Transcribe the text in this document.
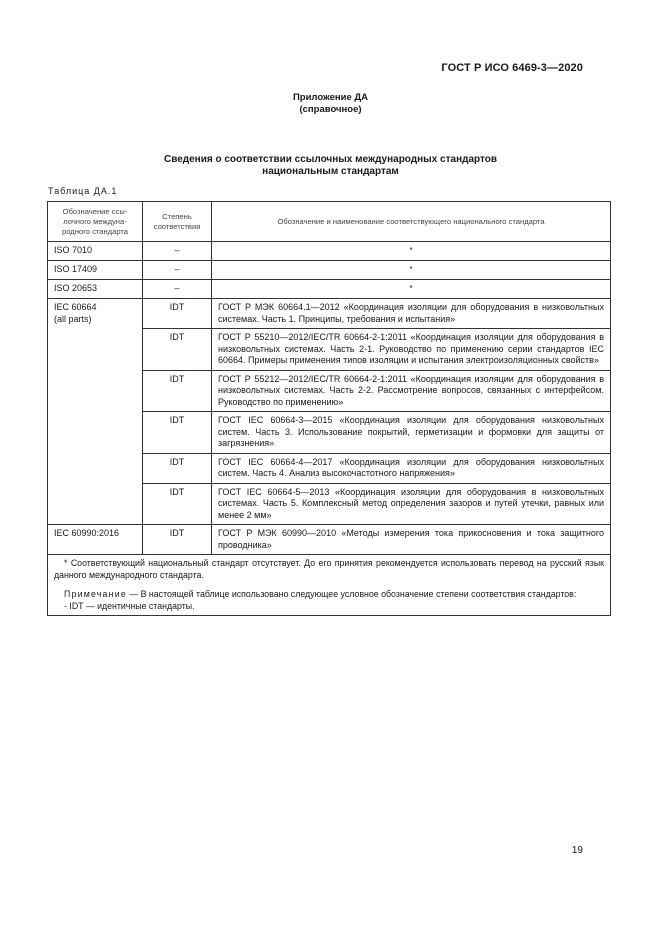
ГОСТ Р ИСО 6469-3—2020
Приложение ДА
(справочное)
Сведения о соответствии ссылочных международных стандартов
национальным стандартам
Таблица ДА.1
Обозначение ссы-лочного междуна-родного стандарта	Степень соответствия	Обозначение и наименование соответствующего национального стандарта
ISO 7010	–	*
ISO 17409	–	*
ISO 20653	–	*

IEC 60664
(all parts)	IDT	ГОСТ Р МЭК 60664.1—2012 «Координация изоляции для оборудования в низковольтных системах. Часть 1. Принципы, требования и испытания»
	IDT	ГОСТ Р 55210—2012/IEC/TR 60664-2-1:2011 «Координация изоляции для оборудования в низковольтных системах. Часть 2-1. Руководство по применению серии стандартов IEC 60664. Примеры применения типов изоляции и испытания электроизоляционных свойств»
	IDT	ГОСТ Р 55212—2012/IEC/TR 60664-2-1:2011 «Координация изоляции для оборудования в низковольтных системах. Часть 2-2. Рассмотрение вопросов, связанных с интерфейсом. Руководство по применению»
	IDT	ГОСТ IEC 60664-3—2015 «Координация изоляции для оборудования низковольтных систем. Часть 3. Использование покрытий, герметизации и формовки для защиты от загрязнения»
	IDT	ГОСТ IEC 60664-4—2017 «Координация изоляции для оборудования низковольтных систем. Часть 4. Анализ высокочастотного напряжения»
	IDT	ГОСТ IEC 60664-5—2013 «Координация изоляции для оборудования в низковольтных системах. Часть 5. Комплексный метод определения зазоров и путей утечки, равных или менее 2 мм»
IEC 60990:2016	IDT	ГОСТ Р МЭК 60990—2010 «Методы измерения тока прикосновения и тока защитного проводника»

* Соответствующий национальный стандарт отсутствует. До его принятия рекомендуется использовать перевод на русский язык данного международного стандарта.
Примечание — В настоящей таблице использовано следующее условное обозначение степени соответствия стандартов:
- IDT — идентичные стандарты.		
19
